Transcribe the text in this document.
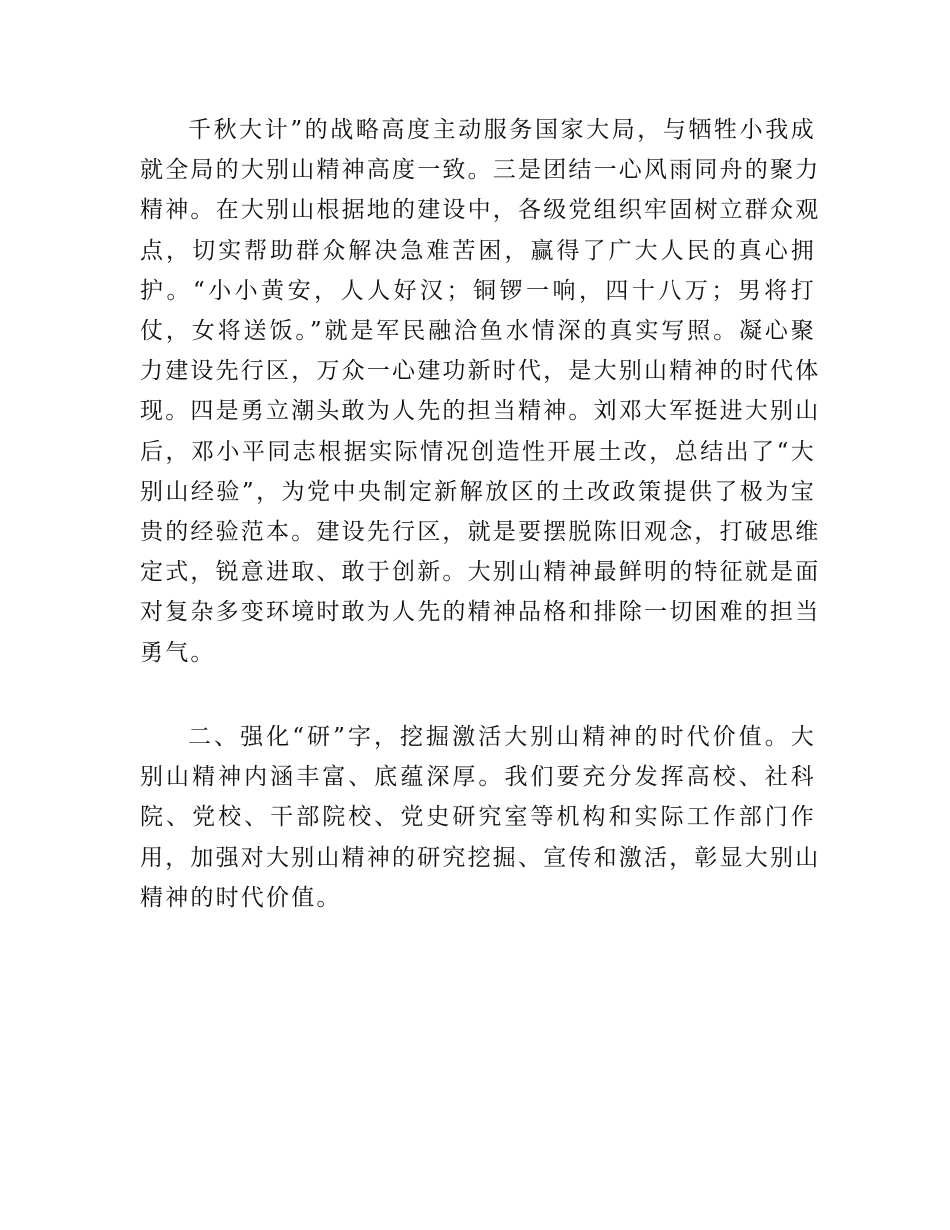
千秋大计”的战略高度主动服务国家大局，与牺牲小我成
就全局的大别山精神高度一致。三是团结一心风雨同舟的聚力
精神。在大别山根据地的建设中，各级党组织牢固树立群众观
点，切实帮助群众解决急难苦困，赢得了广大人民的真心拥
护。“小小黄安，人人好汉；铜锣一响，四十八万；男将打
仗，女将送饭。”就是军民融洽鱼水情深的真实写照。凝心聚
力建设先行区，万众一心建功新时代，是大别山精神的时代体
现。四是勇立潮头敢为人先的担当精神。刘邓大军挺进大别山
后，邓小平同志根据实际情况创造性开展土改，总结出了“大
别山经验”，为党中央制定新解放区的土改政策提供了极为宝
贵的经验范本。建设先行区，就是要摆脱陈旧观念，打破思维
定式，锐意进取、敢于创新。大别山精神最鲜明的特征就是面
对复杂多变环境时敢为人先的精神品格和排除一切困难的担当
勇气。
二、强化“研”字，挖掘激活大别山精神的时代价值。大
别山精神内涵丰富、底蕴深厚。我们要充分发挥高校、社科
院、党校、干部院校、党史研究室等机构和实际工作部门作
用，加强对大别山精神的研究挖掘、宣传和激活，彰显大别山
精神的时代价值。
